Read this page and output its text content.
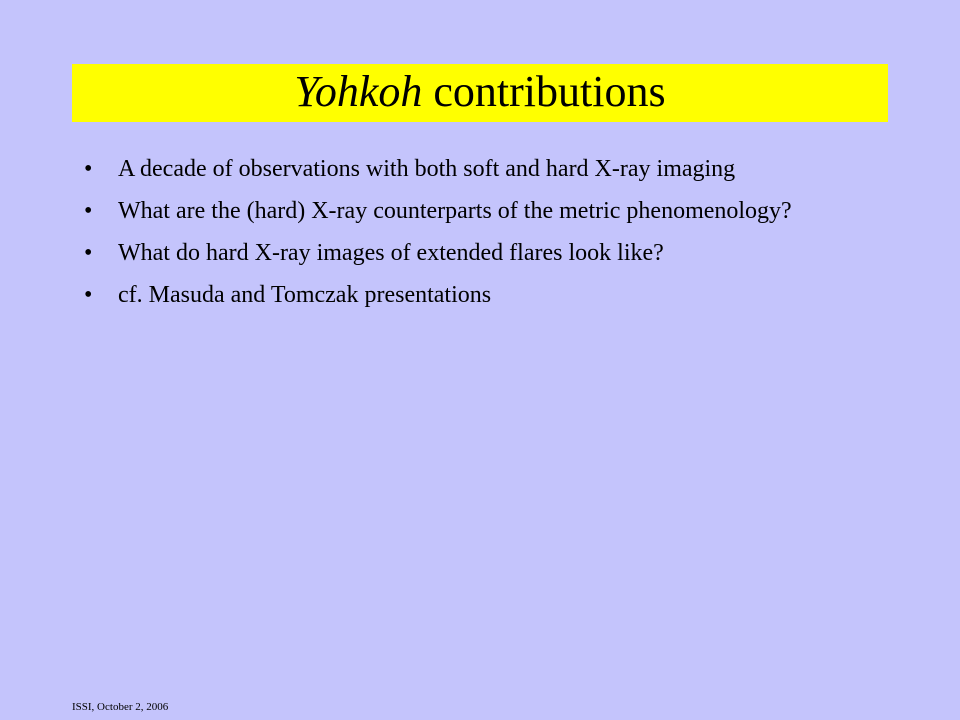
Yohkoh contributions
•	A decade of observations with both soft and hard X-ray imaging
•	What are the (hard) X-ray counterparts of the metric phenomenology?
•	What do hard X-ray images of extended flares look like?
•	cf. Masuda and Tomczak presentations
ISSI, October 2, 2006
